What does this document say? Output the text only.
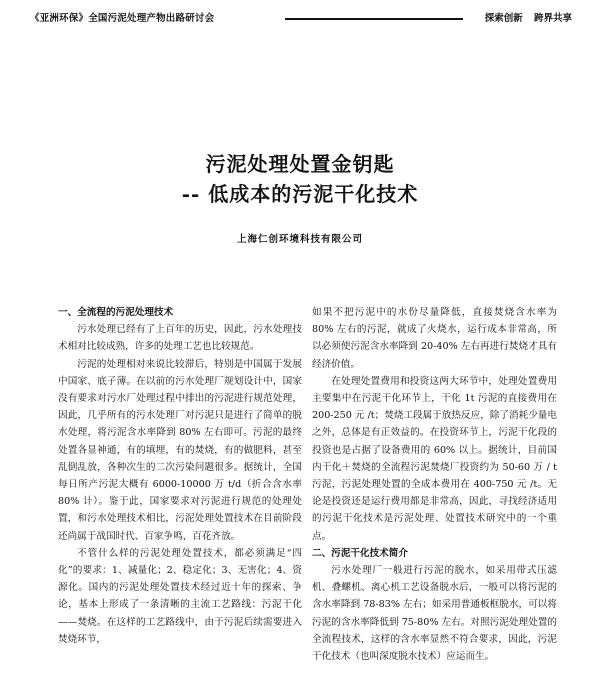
《亚洲环保》全国污泥处理产物出路研讨会	探索创新 跨界共享
污泥处理处置金钥匙
-- 低成本的污泥干化技术
上海仁创环境科技有限公司
一、全流程的污泥处理技术

污水处理已经有了上百年的历史，因此，污水处理技术相对比较成熟，许多的处理工艺也比较规范。

污泥的处理相对来说比较滞后，特别是中国属于发展中国家、底子薄。在以前的污水处理厂规划设计中，国家没有要求对污水厂处理过程中排出的污泥进行规范处理，因此，几乎所有的污水处理厂对污泥只是进行了简单的脱水处理，将污泥含水率降到 80% 左右即可。污泥的最终处置各显神通，有的填埋，有的焚烧，有的做肥料，甚至乱倒乱放，各种次生的二次污染问题很多。据统计，全国每日所产污泥大概有 6000-10000 万 t/d（折合含水率 80% 计）。鉴于此，国家要求对污泥进行规范的处理处置，和污水处理技术相比，污泥处理处置技术在目前阶段还尚属于战国时代、百家争鸣，百花齐放。

不管什么样的污泥处理处置技术，都必须满足“四化”的要求：1、减量化；2、稳定化；3、无害化；4、资源化。国内的污泥处理处置技术经过近十年的探索、争论，基本上形成了一条清晰的主流工艺路线：污泥干化——焚烧。在这样的工艺路线中，由于污泥后续需要进入焚烧环节，

如果不把污泥中的水份尽量降低，直接焚烧含水率为 80% 左右的污泥，就成了火烧水，运行成本非常高，所以必须使污泥含水率降到 20-40% 左右再进行焚烧才具有经济价值。

在处理处置费用和投资这两大环节中，处理处置费用主要集中在污泥干化环节上，干化 1t 污泥的直接费用在 200-250 元 /t；焚烧工段属于放热反应，除了消耗少量电之外，总体是有正效益的。在投资环节上，污泥干化段的投资也是占据了设备费用的 60% 以上。据统计，目前国内干化＋焚烧的全流程污泥焚烧厂投资约为 50-60 万 / t 污泥，污泥处理处置的全成本费用在 400-750 元 /t。无论是投资还是运行费用都是非常高，因此，寻找经济适用的污泥干化技术是污泥处理、处置技术研究中的一个重点。

二、污泥干化技术简介

污水处理厂一般进行污泥的脱水，如采用带式压滤机、叠螺机、离心机工艺设备脱水后，一般可以将污泥的含水率降到 78-83% 左右；如采用普通板框脱水，可以将污泥的含水率降低到 75-80% 左右。对照污泥处理处置的全流程技术，这样的含水率显然不符合要求，因此，污泥干化技术（也叫深度脱水技术）应运而生。
